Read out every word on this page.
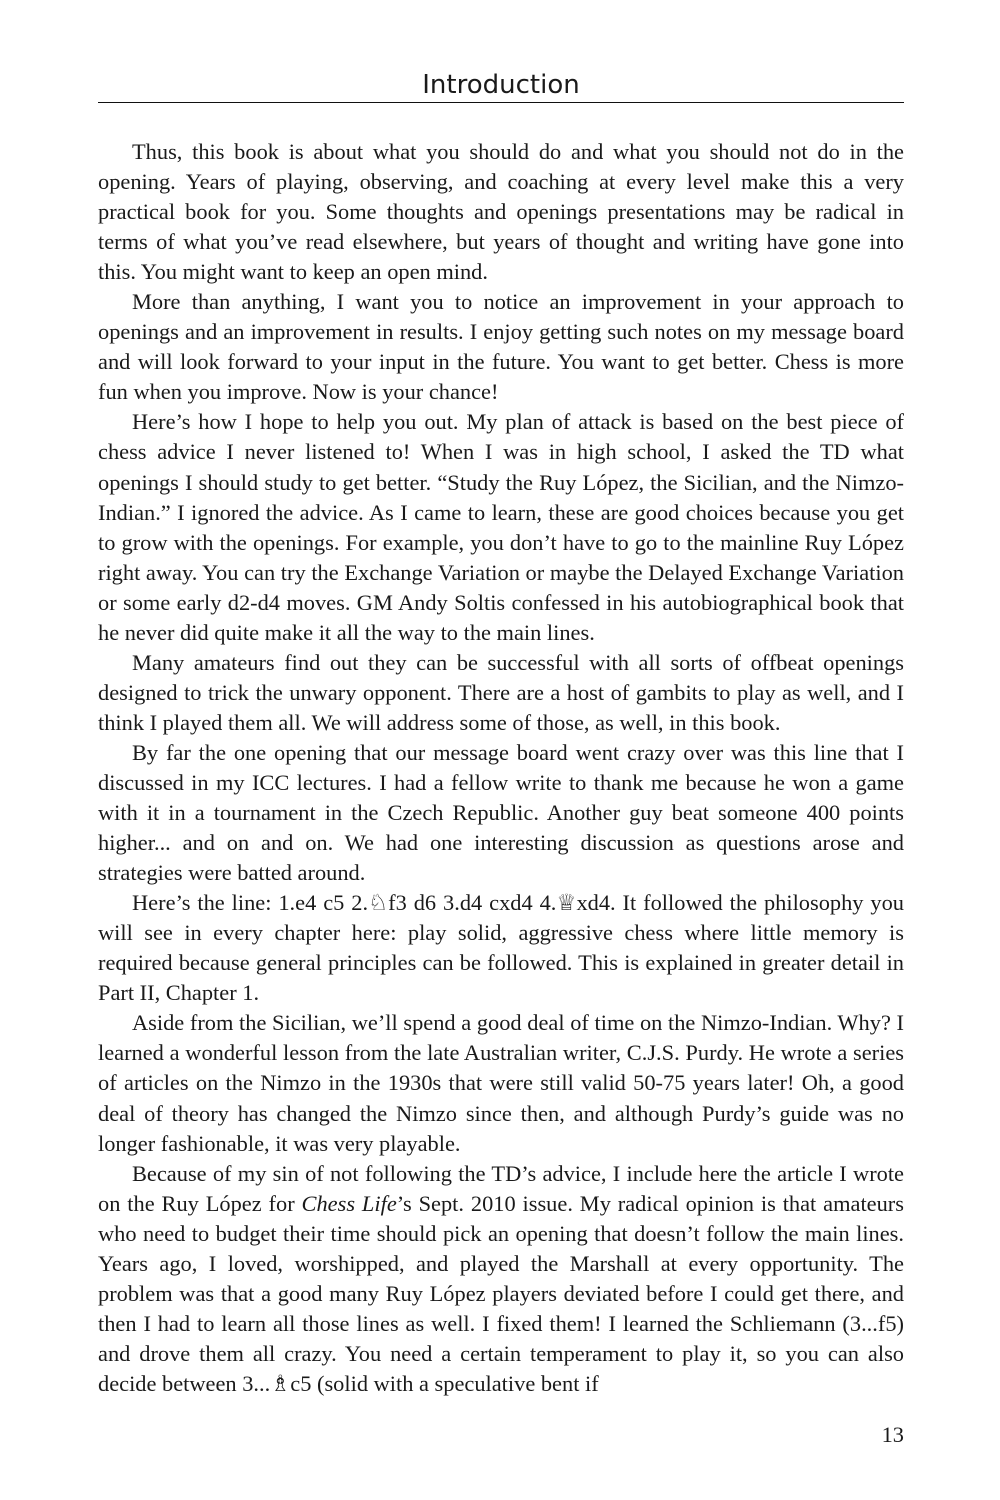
Introduction

Thus, this book is about what you should do and what you should not do in the opening. Years of playing, observing, and coaching at every level make this a very practical book for you. Some thoughts and openings presentations may be radical in terms of what you’ve read elsewhere, but years of thought and writing have gone into this. You might want to keep an open mind.

More than anything, I want you to notice an improvement in your approach to openings and an improvement in results. I enjoy getting such notes on my message board and will look forward to your input in the future. You want to get better. Chess is more fun when you improve. Now is your chance!

Here’s how I hope to help you out. My plan of attack is based on the best piece of chess advice I never listened to! When I was in high school, I asked the TD what openings I should study to get better. “Study the Ruy López, the Sicilian, and the Nimzo-Indian.” I ignored the advice. As I came to learn, these are good choices because you get to grow with the openings. For example, you don’t have to go to the mainline Ruy López right away. You can try the Exchange Variation or maybe the Delayed Exchange Variation or some early d2-d4 moves. GM Andy Soltis confessed in his autobiographical book that he never did quite make it all the way to the main lines.

Many amateurs find out they can be successful with all sorts of offbeat openings designed to trick the unwary opponent. There are a host of gambits to play as well, and I think I played them all. We will address some of those, as well, in this book.

By far the one opening that our message board went crazy over was this line that I discussed in my ICC lectures. I had a fellow write to thank me because he won a game with it in a tournament in the Czech Republic. Another guy beat someone 400 points higher... and on and on. We had one interesting discussion as questions arose and strategies were batted around.

Here’s the line: 1.e4 c5 2.♘f3 d6 3.d4 cxd4 4.♕xd4. It followed the philosophy you will see in every chapter here: play solid, aggressive chess where little memory is required because general principles can be followed. This is explained in greater detail in Part II, Chapter 1.

Aside from the Sicilian, we’ll spend a good deal of time on the Nimzo-Indian. Why? I learned a wonderful lesson from the late Australian writer, C.J.S. Purdy. He wrote a series of articles on the Nimzo in the 1930s that were still valid 50-75 years later! Oh, a good deal of theory has changed the Nimzo since then, and although Purdy’s guide was no longer fashionable, it was very playable.

Because of my sin of not following the TD’s advice, I include here the article I wrote on the Ruy López for Chess Life’s Sept. 2010 issue. My radical opinion is that amateurs who need to budget their time should pick an opening that doesn’t follow the main lines. Years ago, I loved, worshipped, and played the Marshall at every opportunity. The problem was that a good many Ruy López players deviated before I could get there, and then I had to learn all those lines as well. I fixed them! I learned the Schliemann (3...f5) and drove them all crazy. You need a certain temperament to play it, so you can also decide between 3...♗c5 (solid with a speculative bent if

13
